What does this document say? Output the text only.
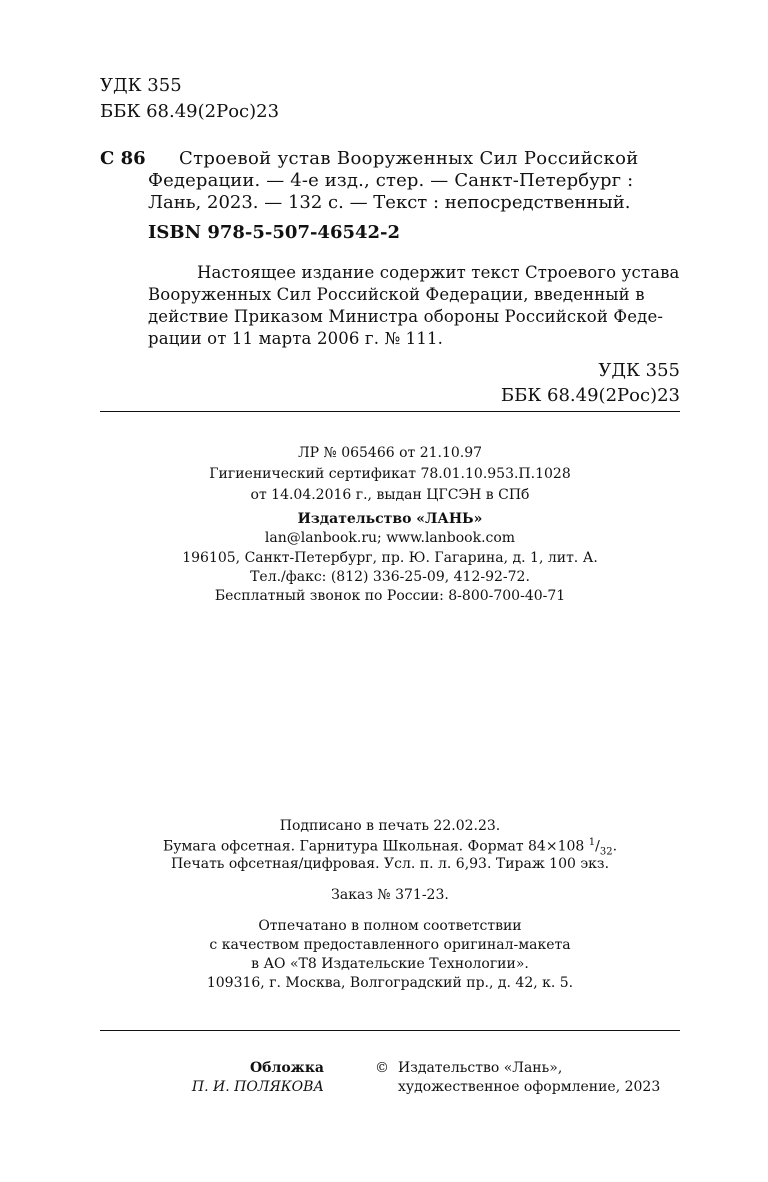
УДК 355
ББК 68.49(2Рос)23
С 86 Строевой устав Вооруженных Сил Российской
Федерации. — 4-е изд., стер. — Санкт-Петербург :
Лань, 2023. — 132 с. — Текст : непосредственный.
ISBN 978-5-507-46542-2
Настоящее издание содержит текст Строевого устава
Вооруженных Сил Российской Федерации, введенный в
действие Приказом Министра обороны Российской Феде-
рации от 11 марта 2006 г. № 111.
УДК 355
ББК 68.49(2Рос)23
ЛР № 065466 от 21.10.97
Гигиенический сертификат 78.01.10.953.П.1028
от 14.04.2016 г., выдан ЦГСЭН в СПб
Издательство «ЛАНЬ»
lan@lanbook.ru; www.lanbook.com
196105, Санкт-Петербург, пр. Ю. Гагарина, д. 1, лит. А.
Тел./факс: (812) 336-25-09, 412-92-72.
Бесплатный звонок по России: 8-800-700-40-71
Подписано в печать 22.02.23.
Бумага офсетная. Гарнитура Школьная. Формат 84×108 $^1/_{32}$.
Печать офсетная/цифровая. Усл. п. л. 6,93. Тираж 100 экз.
Заказ № 371-23.
Отпечатано в полном соответствии
с качеством предоставленного оригинал-макета
в АО «Т8 Издательские Технологии».
109316, г. Москва, Волгоградский пр., д. 42, к. 5.
Обложка
П. И. ПОЛЯКОВА
© Издательство «Лань»,
художественное оформление, 2023
